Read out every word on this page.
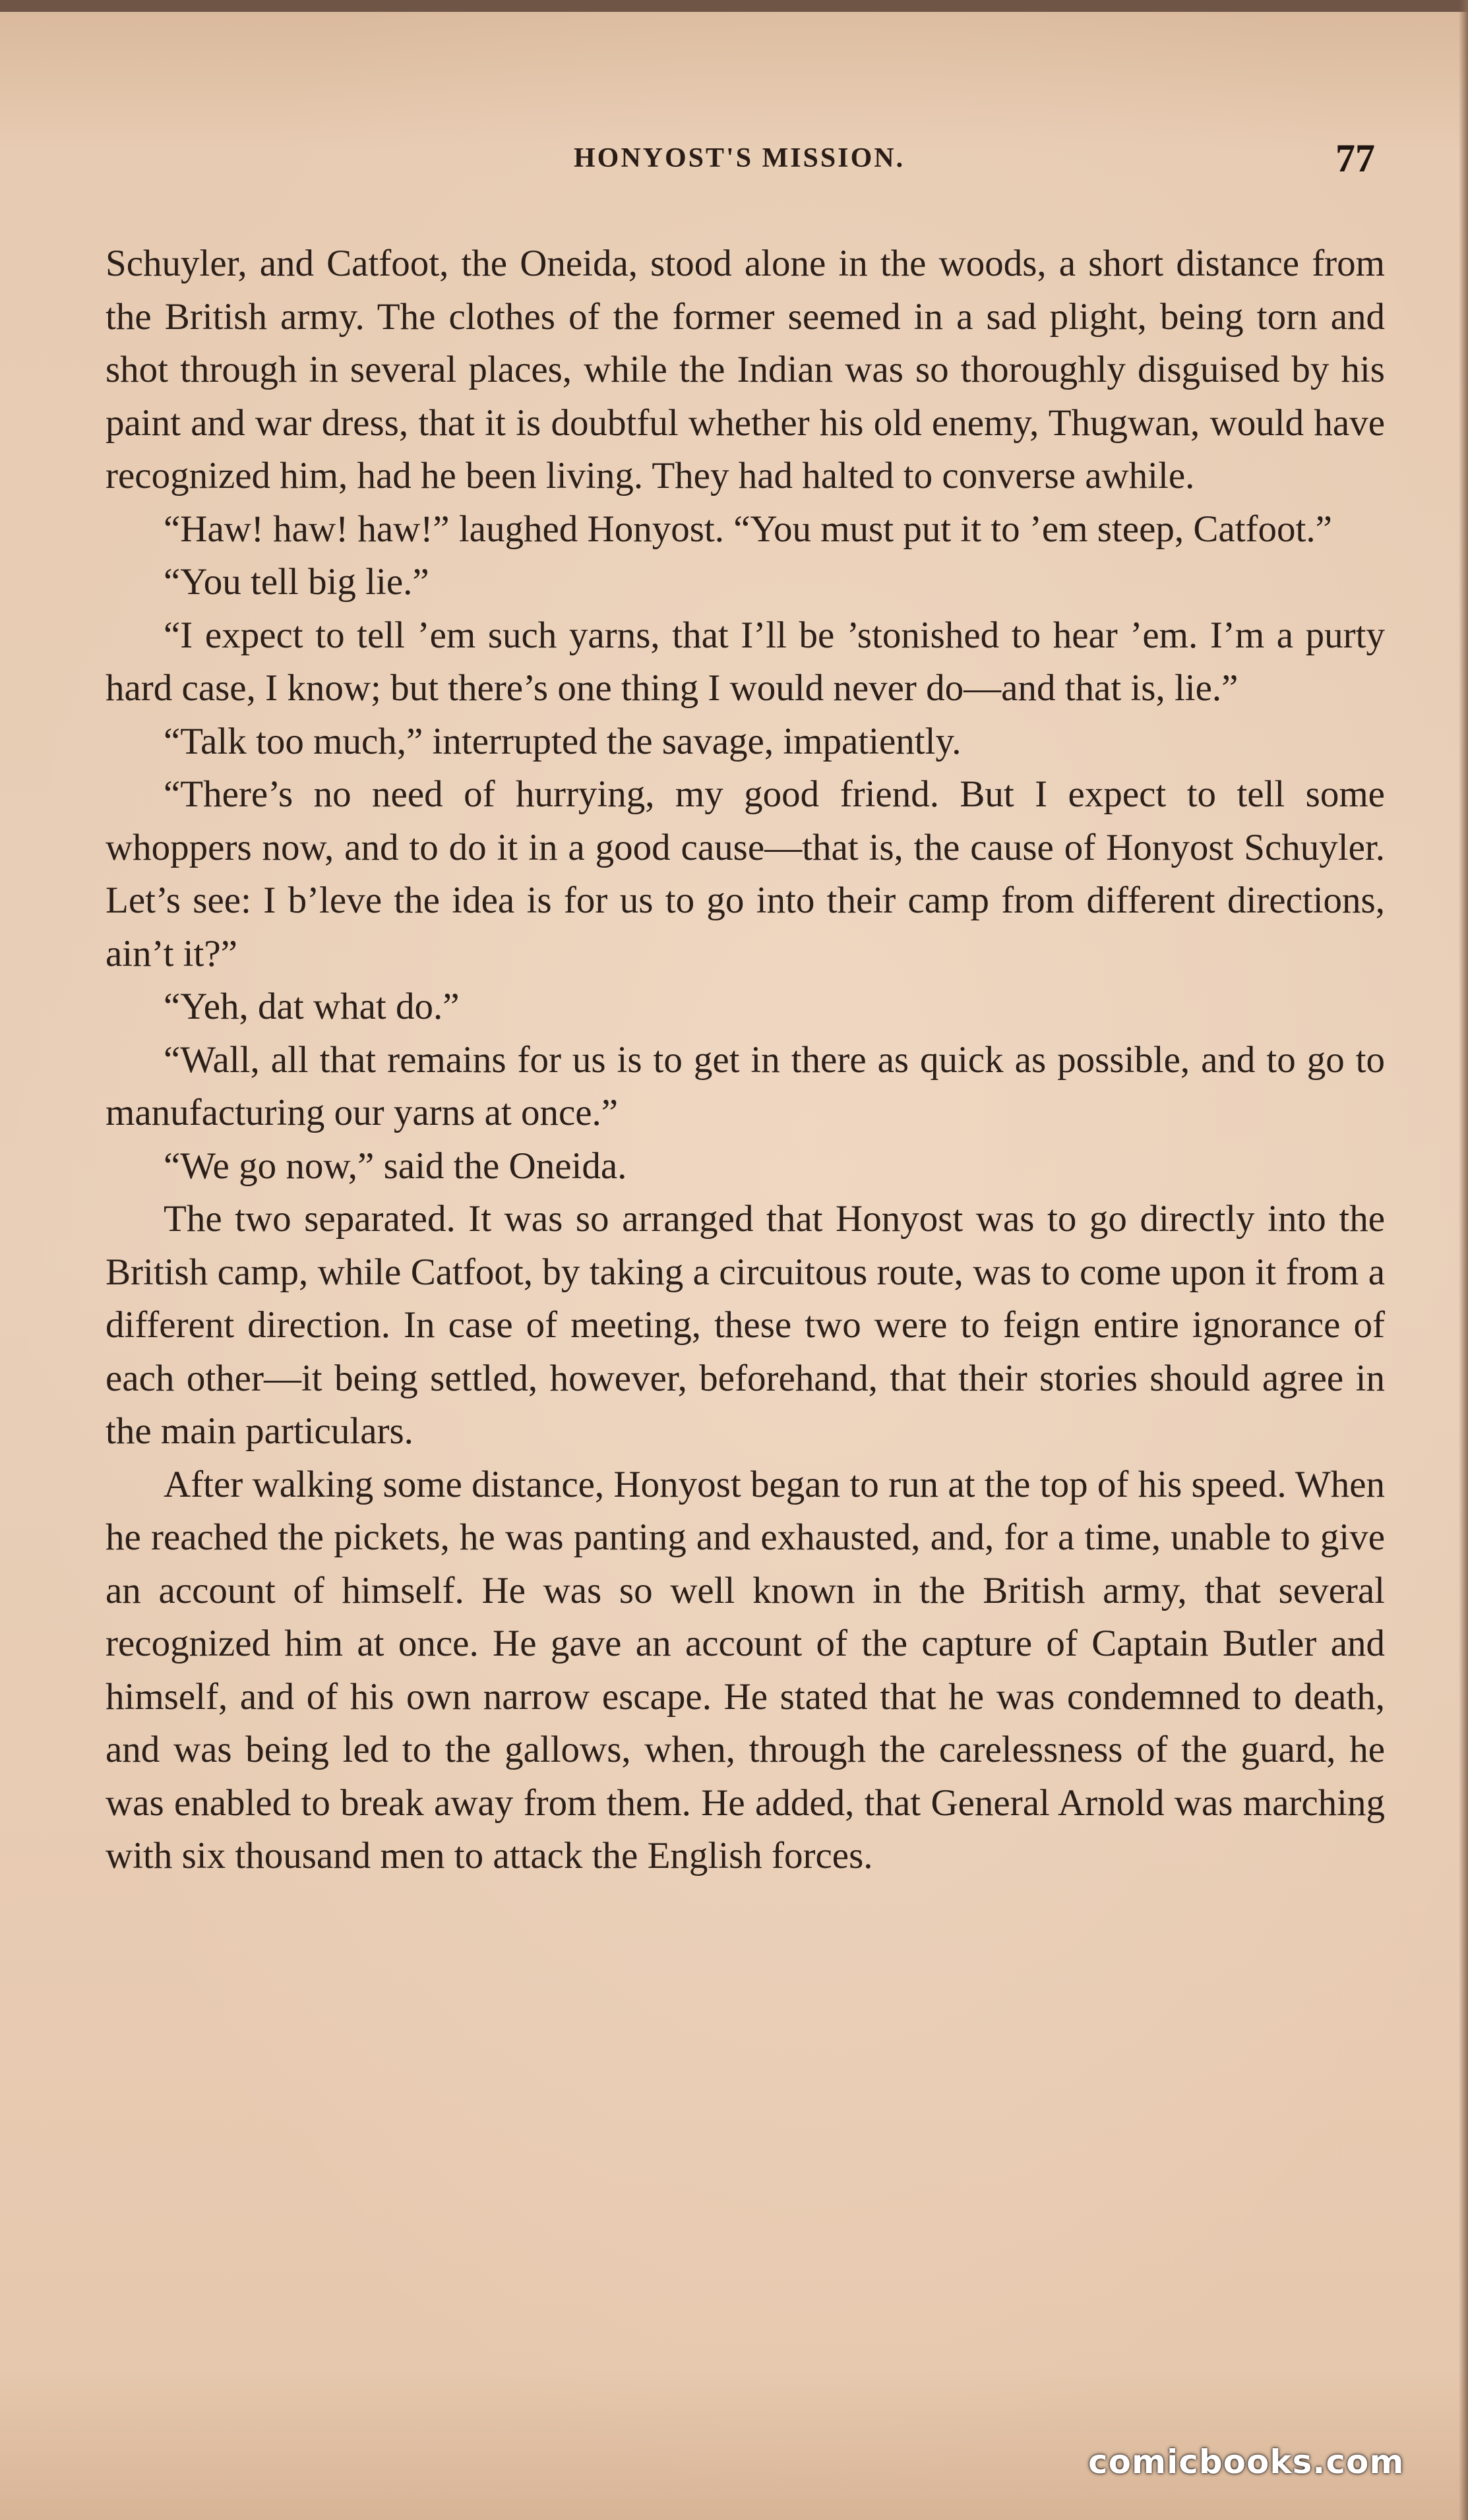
HONYOST'S MISSION.	77

Schuyler, and Catfoot, the Oneida, stood alone in the woods, a short distance from the British army. The clothes of the former seemed in a sad plight, being torn and shot through in several places, while the Indian was so thoroughly disguised by his paint and war dress, that it is doubtful whether his old enemy, Thugwan, would have recognized him, had he been living. They had halted to converse awhile.

“Haw! haw! haw!” laughed Honyost. “You must put it to ’em steep, Catfoot.”

“You tell big lie.”

“I expect to tell ’em such yarns, that I’ll be ’stonished to hear ’em. I’m a purty hard case, I know; but there’s one thing I would never do—and that is, lie.”

“Talk too much,” interrupted the savage, impatiently.

“There’s no need of hurrying, my good friend. But I expect to tell some whoppers now, and to do it in a good cause—that is, the cause of Honyost Schuyler. Let’s see: I b’leve the idea is for us to go into their camp from different directions, ain’t it?”

“Yeh, dat what do.”

“Wall, all that remains for us is to get in there as quick as possible, and to go to manufacturing our yarns at once.”

“We go now,” said the Oneida.

The two separated. It was so arranged that Honyost was to go directly into the British camp, while Catfoot, by taking a circuitous route, was to come upon it from a different direction. In case of meeting, these two were to feign entire ignorance of each other—it being settled, however, beforehand, that their stories should agree in the main particulars.

After walking some distance, Honyost began to run at the top of his speed. When he reached the pickets, he was panting and exhausted, and, for a time, unable to give an account of himself. He was so well known in the British army, that several recognized him at once. He gave an account of the capture of Captain Butler and himself, and of his own narrow escape. He stated that he was condemned to death, and was being led to the gallows, when, through the carelessness of the guard, he was enabled to break away from them. He added, that General Arnold was marching with six thousand men to attack the English forces.

comicbooks.com
